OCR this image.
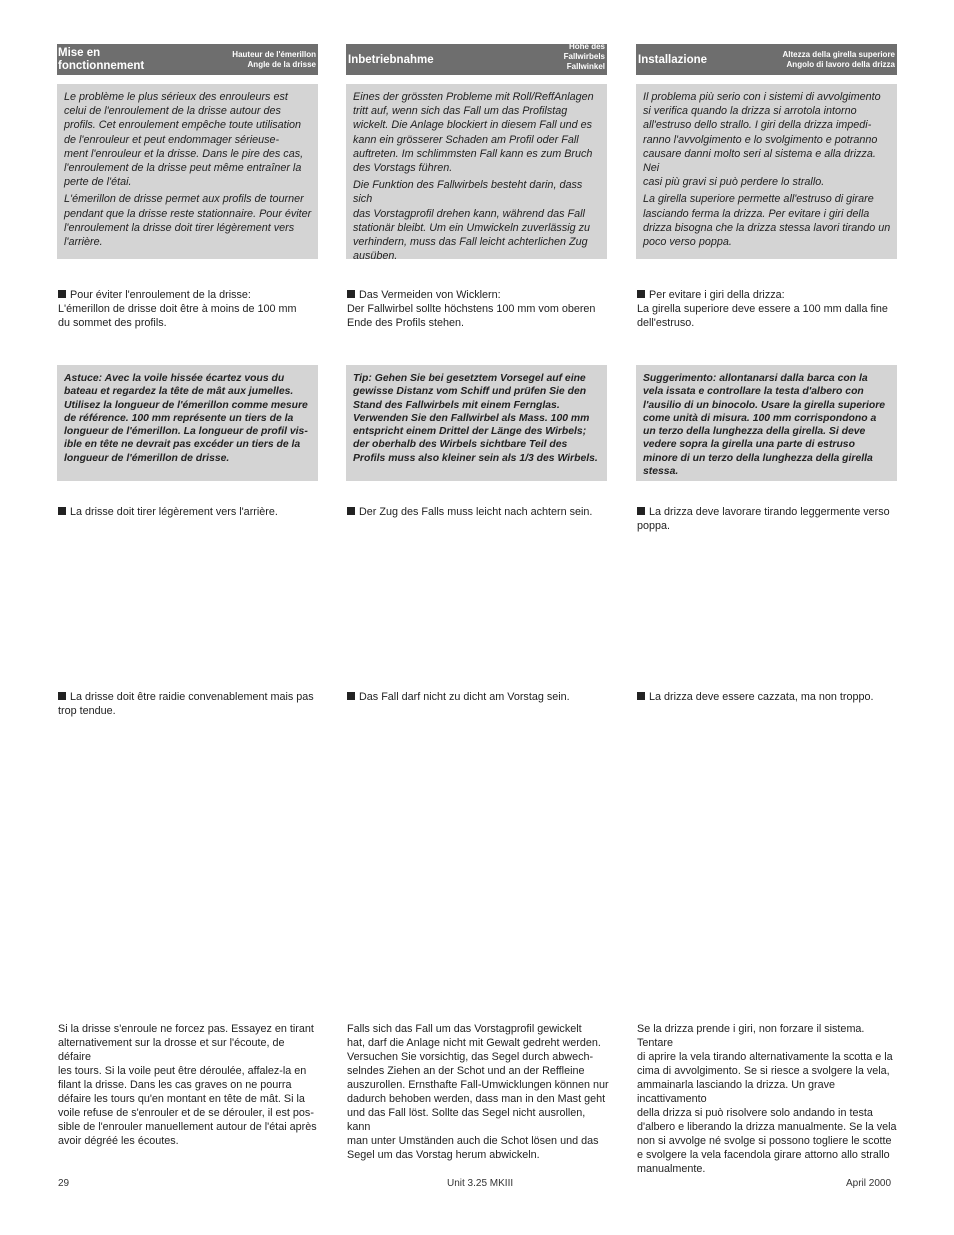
Mise en
fonctionnement
Hauteur de l'émerillon
Angle de la drisse

Le problème le plus sérieux des enrouleurs est
celui de l'enroulement de la drisse autour des
profils. Cet enroulement empêche toute utilisation
de l'enrouleur et peut endommager sérieuse-
ment l'enrouleur et la drisse. Dans le pire des cas,
l'enroulement de la drisse peut même entraîner la
perte de l'étai.

L'émerillon de drisse permet aux profils de tourner
pendant que la drisse reste stationnaire. Pour éviter
l'enroulement la drisse doit tirer légèrement vers
l'arrière.

Pour éviter l'enroulement de la drisse:
L'émerillon de drisse doit être à moins de 100 mm
du sommet des profils.

Astuce: Avec la voile hissée écartez vous du
bateau et regardez la tête de mât aux jumelles.
Utilisez la longueur de l'émerillon comme mesure
de référence. 100 mm représente un tiers de la
longueur de l'émerillon. La longueur de profil vis-
ible en tête ne devrait pas excéder un tiers de la
longueur de l'émerillon de drisse.

La drisse doit tirer légèrement vers l'arrière.
La drisse doit être raidie convenablement mais pas
trop tendue.
Si la drisse s'enroule ne forcez pas. Essayez en tirant
alternativement sur la drosse et sur l'écoute, de défaire
les tours. Si la voile peut être déroulée, affalez-la en
filant la drisse. Dans les cas graves on ne pourra
défaire les tours qu'en montant en tête de mât. Si la
voile refuse de s'enrouler et de se dérouler, il est pos-
sible de l'enrouler manuellement autour de l'étai après
avoir dégréé les écoutes.
Inbetriebnahme
Höhe des
Fallwirbels
Fallwinkel

Eines der grössten Probleme mit Roll/ReffAnlagen
tritt auf, wenn sich das Fall um das Profilstag
wickelt. Die Anlage blockiert in diesem Fall und es
kann ein grösserer Schaden am Profil oder Fall
auftreten. Im schlimmsten Fall kann es zum Bruch
des Vorstags führen.

Die Funktion des Fallwirbels besteht darin, dass sich
das Vorstagprofil drehen kann, während das Fall
stationär bleibt. Um ein Umwickeln zuverlässig zu
verhindern, muss das Fall leicht achterlichen Zug
ausüben.

Das Vermeiden von Wicklern:
Der Fallwirbel sollte höchstens 100 mm vom oberen
Ende des Profils stehen.

Tip: Gehen Sie bei gesetztem Vorsegel auf eine
gewisse Distanz vom Schiff und prüfen Sie den
Stand des Fallwirbels mit einem Fernglas.
Verwenden Sie den Fallwirbel als Mass. 100 mm
entspricht einem Drittel der Länge des Wirbels;
der oberhalb des Wirbels sichtbare Teil des
Profils muss also kleiner sein als 1/3 des Wirbels.

Der Zug des Falls muss leicht nach achtern sein.
Das Fall darf nicht zu dicht am Vorstag sein.
Falls sich das Fall um das Vorstagprofil gewickelt
hat, darf die Anlage nicht mit Gewalt gedreht werden.
Versuchen Sie vorsichtig, das Segel durch abwech-
selndes Ziehen an der Schot und an der Reffleine
auszurollen. Ernsthafte Fall-Umwicklungen können nur
dadurch behoben werden, dass man in den Mast geht
und das Fall löst. Sollte das Segel nicht ausrollen, kann
man unter Umständen auch die Schot lösen und das
Segel um das Vorstag herum abwickeln.
Installazione	Altezza della girella superiore
Angolo di lavoro della drizza

Il problema più serio con i sistemi di avvolgimento
si verifica quando la drizza si arrotola intorno
all'estruso dello strallo. I giri della drizza impedi-
ranno l'avvolgimento e lo svolgimento e potranno
causare danni molto seri al sistema e alla drizza. Nei
casi più gravi si può perdere lo strallo.

La girella superiore permette all'estruso di girare
lasciando ferma la drizza. Per evitare i giri della
drizza bisogna che la drizza stessa lavori tirando un
poco verso poppa.

Per evitare i giri della drizza:
La girella superiore deve essere a 100 mm dalla fine
dell'estruso.

Suggerimento: allontanarsi dalla barca con la
vela issata e controllare la testa d'albero con
l'ausilio di un binocolo. Usare la girella superiore
come unità di misura. 100 mm corrispondono a
un terzo della lunghezza della girella. Si deve
vedere sopra la girella una parte di estruso
minore di un terzo della lunghezza della girella
stessa.

La drizza deve lavorare tirando leggermente verso
poppa.
La drizza deve essere cazzata, ma non troppo.
Se la drizza prende i giri, non forzare il sistema. Tentare
di aprire la vela tirando alternativamente la scotta e la
cima di avvolgimento. Se si riesce a svolgere la vela,
ammainarla lasciando la drizza. Un grave incattivamento
della drizza si può risolvere solo andando in testa
d'albero e liberando la drizza manualmente. Se la vela
non si avvolge né svolge si possono togliere le scotte
e svolgere la vela facendola girare attorno allo strallo
manualmente.
29	Unit 3.25 MKIII	April 2000
